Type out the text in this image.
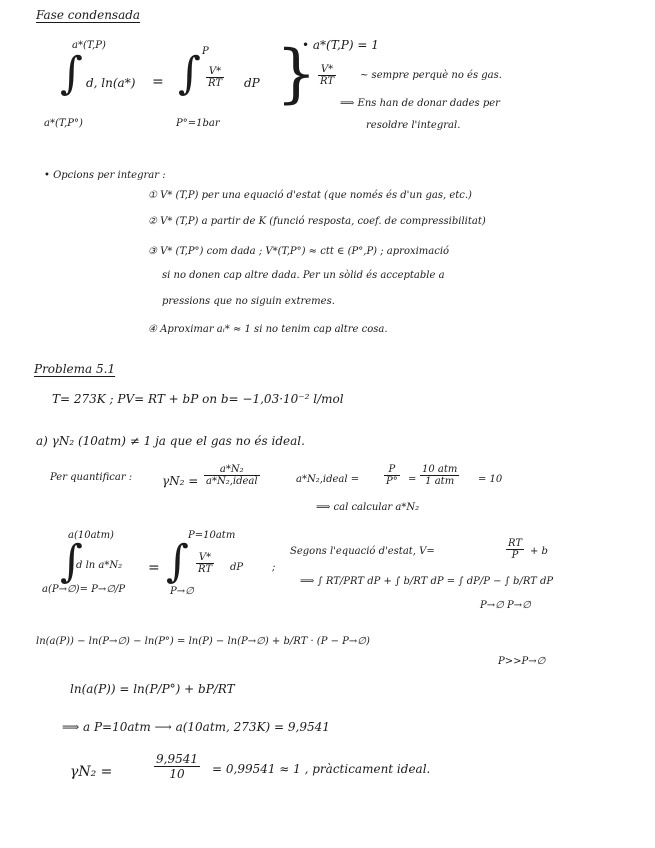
Fase condensada
∫
a*(T,P)
a*(T,P°)
d, ln(a*) = ∫ P
P°=1bar
$\frac{V*}{RT}$ dP }
• a*(T,P) = 1
$\frac{V*}{RT}$ ~ sempre perquè no és gas.
⟹ Ens han de donar dades per
resoldre l'integral.
• Opcions per integrar :
① V* (T,P) per una equació d'estat (que només és d'un gas, etc.)
② V* (T,P) a partir de K (funció resposta, coef. de compressibilitat)
③ V* (T,P°) com dada ; V*(T,P°) ≈ ctt ∈ (P°,P) ; aproximació
si no donen cap altre dada. Per un sòlid és acceptable a
pressions que no siguin extremes.
④ Aproximar aᵢ* ≈ 1 si no tenim cap altre cosa.
Problema 5.1
T= 273K ; PV= RT + bP on b= −1,03·10⁻² l/mol
a) γN₂ (10atm) ≠ 1 ja que el gas no és ideal.
Per quantificar : γN₂ =
a*N₂
a*N₂,ideal	a*N₂,ideal = $\frac{P}{P^\circ}$ =
10 atm
1 atm	= 10
⟹ cal calcular a*N₂
∫
a(10atm)
d ln a*N₂
a(P→∅)= P→∅/P
= ∫
P=10atm
P→∅
$\frac{V*}{RT}$ dP	;
Segons l'equació d'estat, V=	$\frac{RT}{P} + b$
⟹ ∫ RT/PRT dP + ∫ b/RT dP = ∫ dP/P − ∫ b/RT dP
P→∅ P→∅
ln(a(P)) − ln(P→∅) − ln(P°) = ln(P) − ln(P→∅) + b/RT · (P − P→∅)
P>>P→∅
ln(a(P)) = ln(P/P°) + bP/RT
⟹ a P=10atm ⟶ a(10atm, 273K) = 9,9541
γN₂ =	$\frac{9,9541}{10} = 0,99541 \approx 1$ , pràcticament ideal.
